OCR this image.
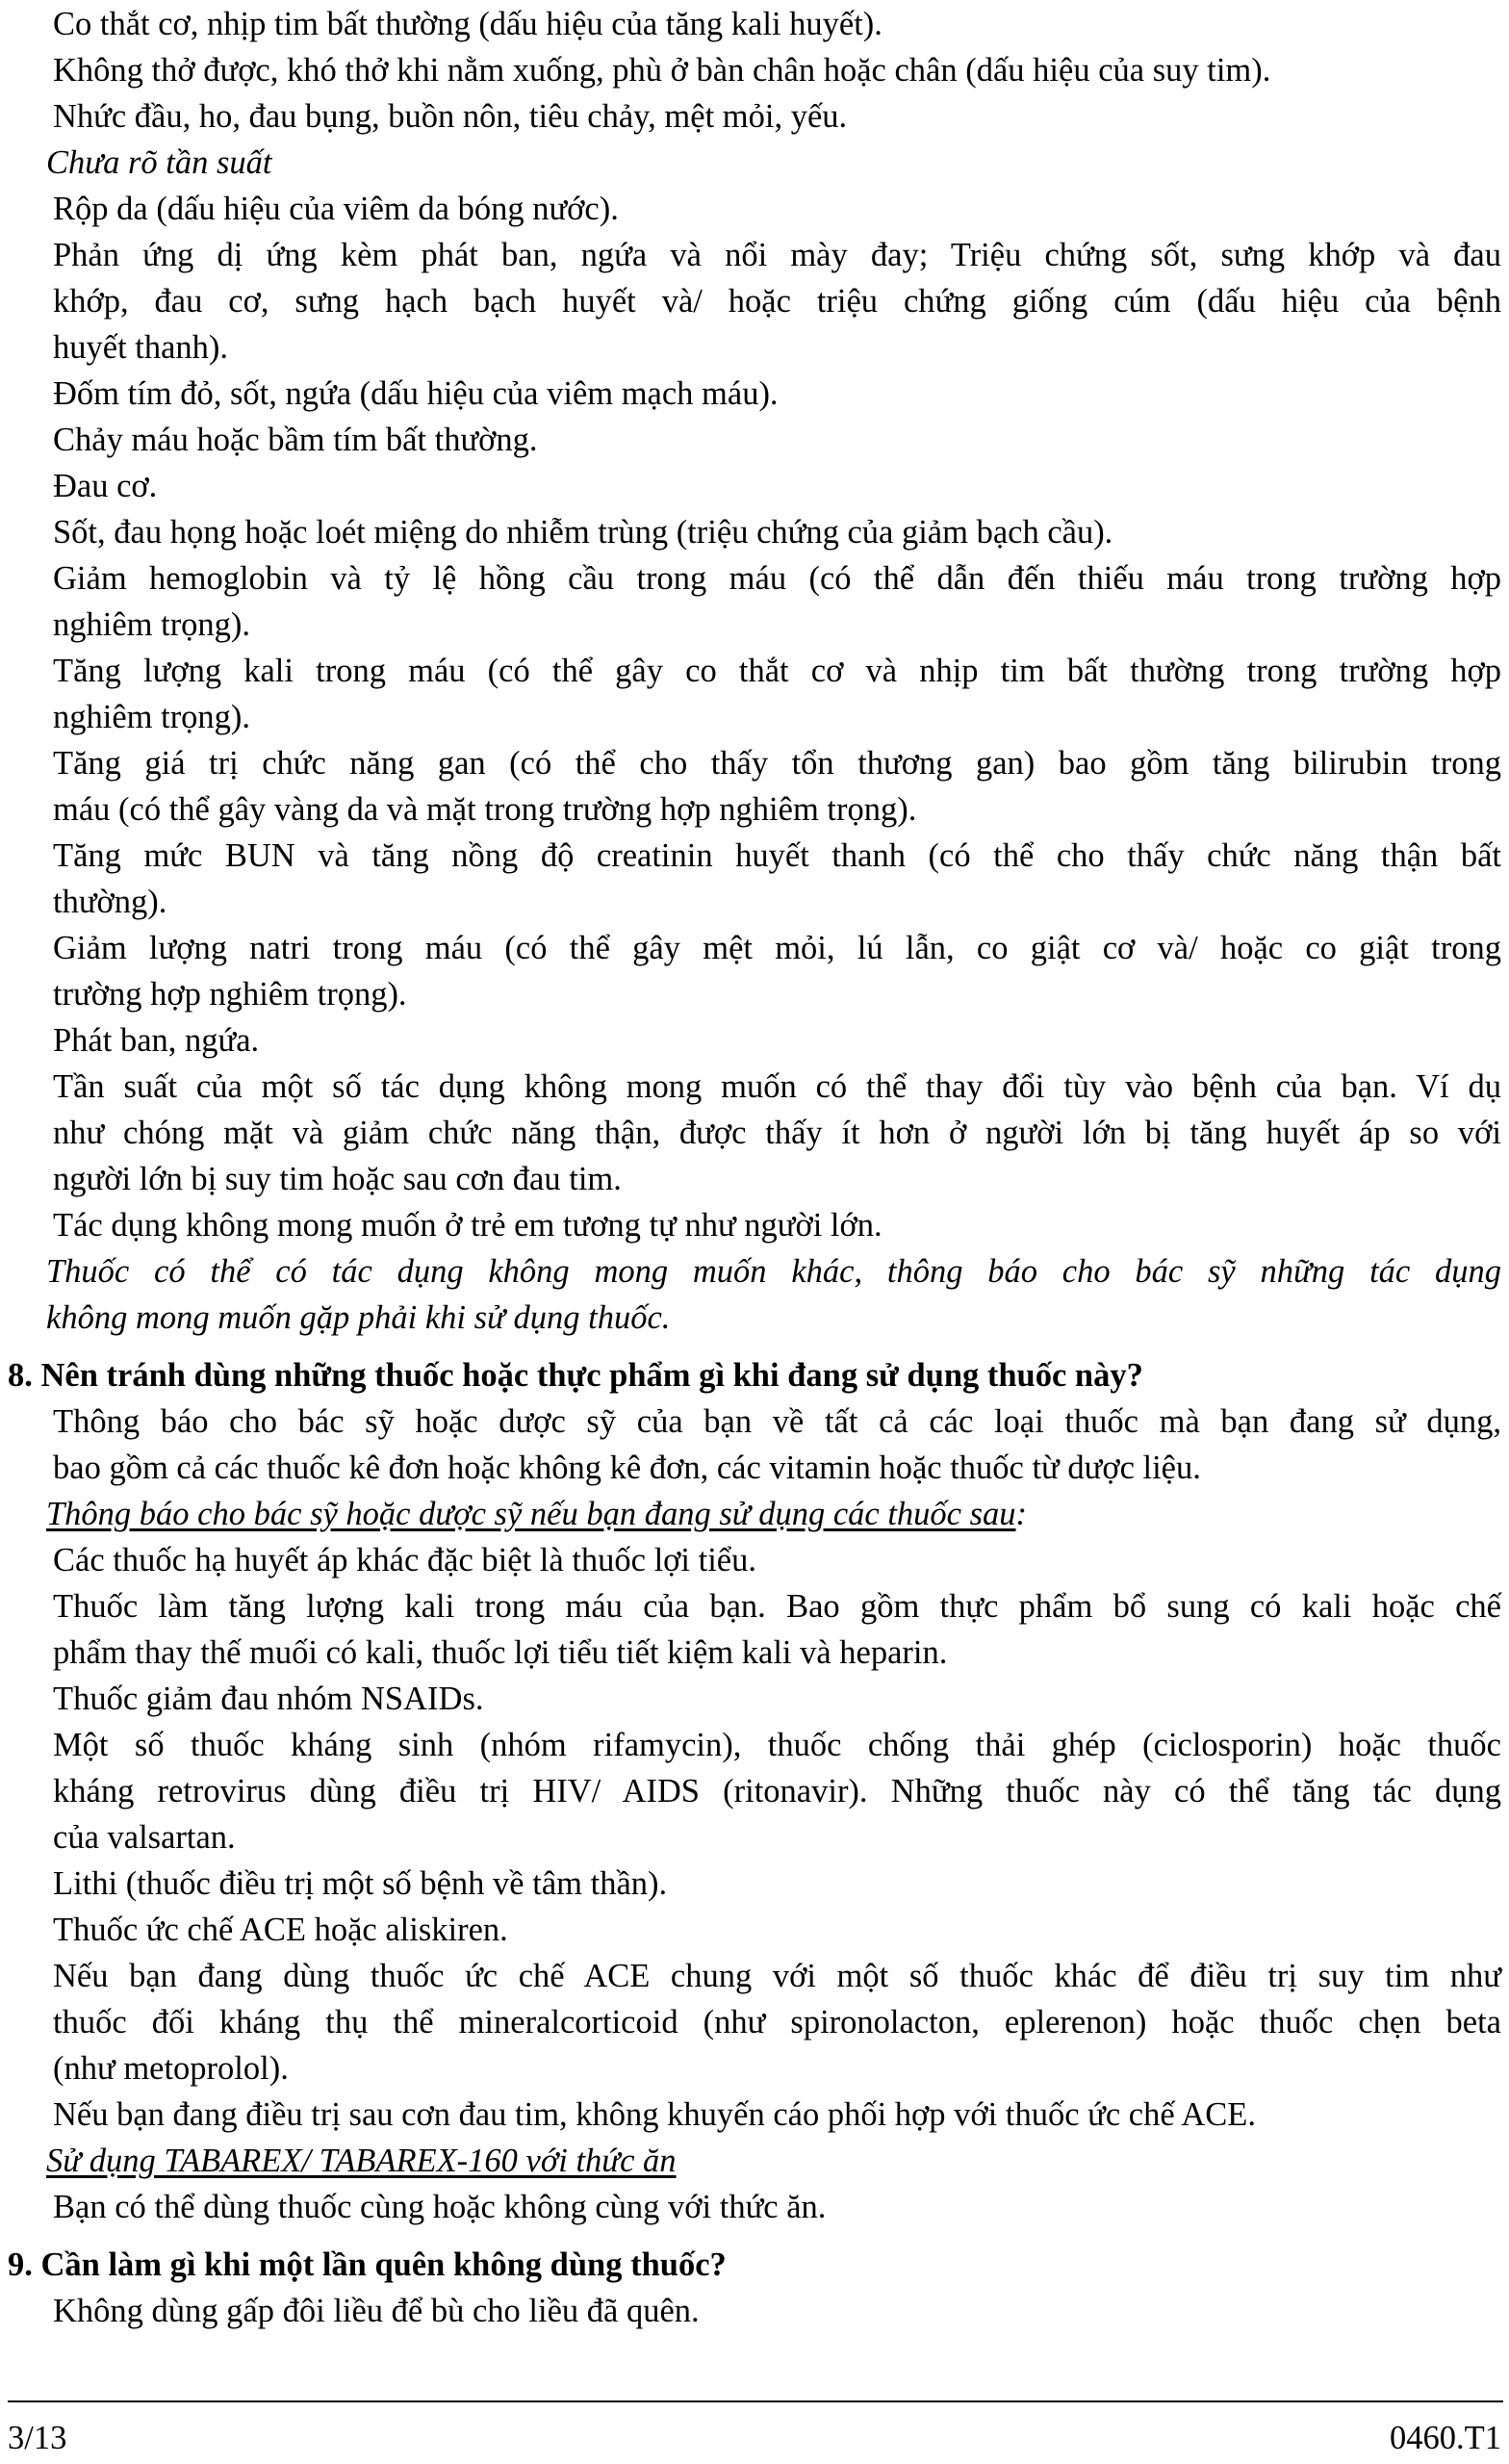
Co thắt cơ, nhịp tim bất thường (dấu hiệu của tăng kali huyết).
Không thở được, khó thở khi nằm xuống, phù ở bàn chân hoặc chân (dấu hiệu của suy tim).
Nhức đầu, ho, đau bụng, buồn nôn, tiêu chảy, mệt mỏi, yếu.
Chưa rõ tần suất
Rộp da (dấu hiệu của viêm da bóng nước).
Phản ứng dị ứng kèm phát ban, ngứa và nổi mày đay; Triệu chứng sốt, sưng khớp và đau
khớp, đau cơ, sưng hạch bạch huyết và/ hoặc triệu chứng giống cúm (dấu hiệu của bệnh
huyết thanh).
Đốm tím đỏ, sốt, ngứa (dấu hiệu của viêm mạch máu).
Chảy máu hoặc bầm tím bất thường.
Đau cơ.
Sốt, đau họng hoặc loét miệng do nhiễm trùng (triệu chứng của giảm bạch cầu).
Giảm hemoglobin và tỷ lệ hồng cầu trong máu (có thể dẫn đến thiếu máu trong trường hợp
nghiêm trọng).
Tăng lượng kali trong máu (có thể gây co thắt cơ và nhịp tim bất thường trong trường hợp
nghiêm trọng).
Tăng giá trị chức năng gan (có thể cho thấy tổn thương gan) bao gồm tăng bilirubin trong
máu (có thể gây vàng da và mặt trong trường hợp nghiêm trọng).
Tăng mức BUN và tăng nồng độ creatinin huyết thanh (có thể cho thấy chức năng thận bất
thường).
Giảm lượng natri trong máu (có thể gây mệt mỏi, lú lẫn, co giật cơ và/ hoặc co giật trong
trường hợp nghiêm trọng).
Phát ban, ngứa.
Tần suất của một số tác dụng không mong muốn có thể thay đổi tùy vào bệnh của bạn. Ví dụ
như chóng mặt và giảm chức năng thận, được thấy ít hơn ở người lớn bị tăng huyết áp so với
người lớn bị suy tim hoặc sau cơn đau tim.
Tác dụng không mong muốn ở trẻ em tương tự như người lớn.
Thuốc có thể có tác dụng không mong muốn khác, thông báo cho bác sỹ những tác dụng
không mong muốn gặp phải khi sử dụng thuốc.
8. Nên tránh dùng những thuốc hoặc thực phẩm gì khi đang sử dụng thuốc này?
Thông báo cho bác sỹ hoặc dược sỹ của bạn về tất cả các loại thuốc mà bạn đang sử dụng,
bao gồm cả các thuốc kê đơn hoặc không kê đơn, các vitamin hoặc thuốc từ dược liệu.
Thông báo cho bác sỹ hoặc dược sỹ nếu bạn đang sử dụng các thuốc sau:
Các thuốc hạ huyết áp khác đặc biệt là thuốc lợi tiểu.
Thuốc làm tăng lượng kali trong máu của bạn. Bao gồm thực phẩm bổ sung có kali hoặc chế
phẩm thay thế muối có kali, thuốc lợi tiểu tiết kiệm kali và heparin.
Thuốc giảm đau nhóm NSAIDs.
Một số thuốc kháng sinh (nhóm rifamycin), thuốc chống thải ghép (ciclosporin) hoặc thuốc
kháng retrovirus dùng điều trị HIV/ AIDS (ritonavir). Những thuốc này có thể tăng tác dụng
của valsartan.
Lithi (thuốc điều trị một số bệnh về tâm thần).
Thuốc ức chế ACE hoặc aliskiren.
Nếu bạn đang dùng thuốc ức chế ACE chung với một số thuốc khác để điều trị suy tim như
thuốc đối kháng thụ thể mineralcorticoid (như spironolacton, eplerenon) hoặc thuốc chẹn beta
(như metoprolol).
Nếu bạn đang điều trị sau cơn đau tim, không khuyến cáo phối hợp với thuốc ức chế ACE.
Sử dụng TABAREX/ TABAREX-160 với thức ăn
Bạn có thể dùng thuốc cùng hoặc không cùng với thức ăn.
9. Cần làm gì khi một lần quên không dùng thuốc?
Không dùng gấp đôi liều để bù cho liều đã quên.
3/13	0460.T1
